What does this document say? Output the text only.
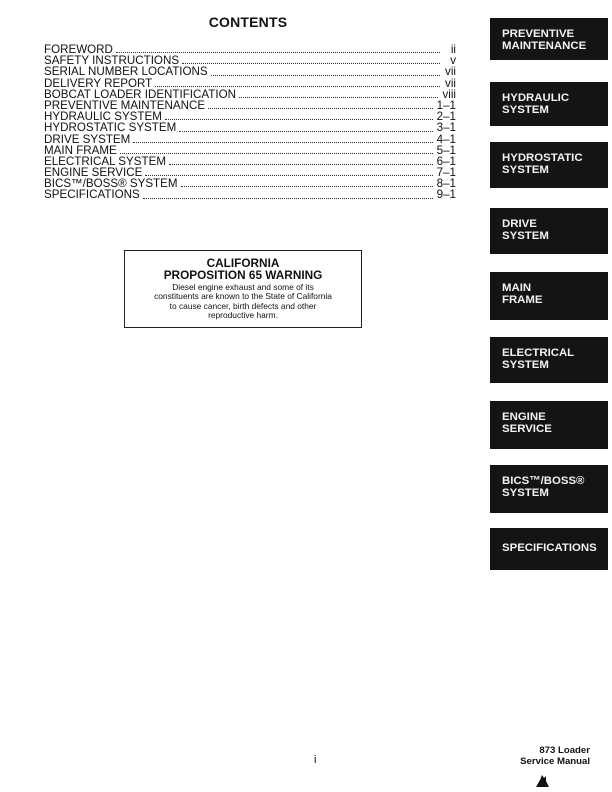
CONTENTS
FOREWORD	ii
SAFETY INSTRUCTIONS	v
SERIAL NUMBER LOCATIONS	vii
DELIVERY REPORT	vii
BOBCAT LOADER IDENTIFICATION	viii
PREVENTIVE MAINTENANCE	1–1
HYDRAULIC SYSTEM	2–1
HYDROSTATIC SYSTEM	3–1
DRIVE SYSTEM	4–1
MAIN FRAME	5–1
ELECTRICAL SYSTEM	6–1
ENGINE SERVICE	7–1
BICS™/BOSS® SYSTEM	8–1
SPECIFICATIONS	9–1
CALIFORNIA
PROPOSITION 65 WARNING
Diesel engine exhaust and some of its
constituents are known to the State of California
to cause cancer, birth defects and other
reproductive harm.
PREVENTIVE
MAINTENANCE
HYDRAULIC
SYSTEM
HYDROSTATIC
SYSTEM
DRIVE
SYSTEM
MAIN
FRAME
ELECTRICAL
SYSTEM
ENGINE
SERVICE
BICS™/BOSS®
SYSTEM
SPECIFICATIONS
i
873 Loader
Service Manual
